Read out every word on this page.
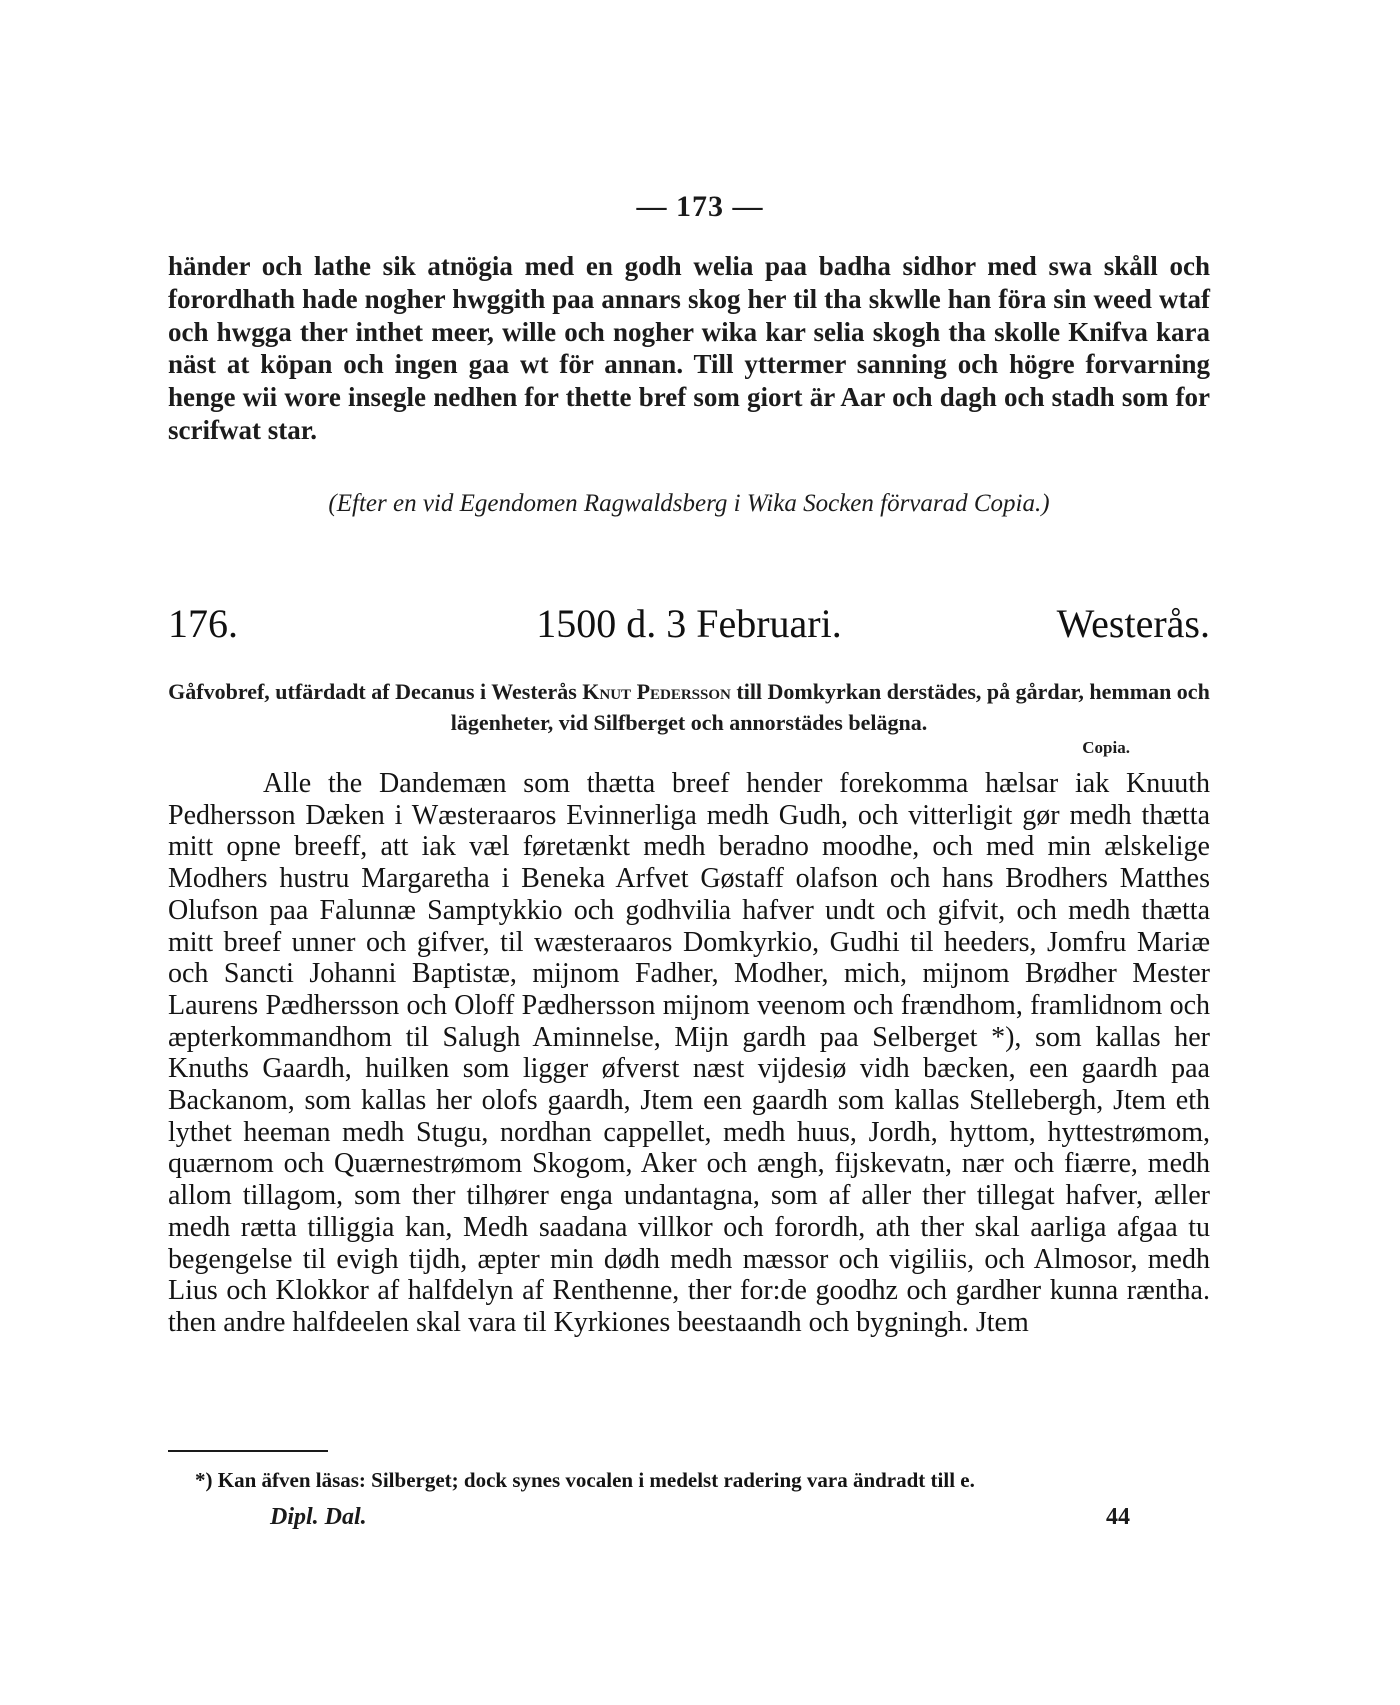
— 173 —

händer och lathe sik atnögia med en godh welia paa badha sidhor med swa skåll och forordhath hade nogher hwggith paa annars skog her til tha skwlle han föra sin weed wtaf och hwgga ther inthet meer, wille och nogher wika kar selia skogh tha skolle Knifva kara näst at köpan och ingen gaa wt för annan. Till yttermer sanning och högre forvarning henge wii wore insegle nedhen for thette bref som giort är Aar och dagh och stadh som for scrifwat star.

(Efter en vid Egendomen Ragwaldsberg i Wika Socken förvarad Copia.)
176.	1500 d. 3 Februari.	Westerås.
Gåfvobref, utfärdadt af Decanus i Westerås Knut Pedersson till Domkyrkan derstädes, på gårdar, hemman och lägenheter, vid Silfberget och annorstädes belägna.
Copia.

Alle the Dandemæn som thætta breef hender forekomma hælsar iak Knuuth Pedhersson Dæken i Wæsteraaros Evinnerliga medh Gudh, och vitterligit gør medh thætta mitt opne breeff, att iak væl føretænkt medh beradno moodhe, och med min ælskelige Modhers hustru Margaretha i Beneka Arfvet Gøstaff olafson och hans Brodhers Matthes Olufson paa Falunnæ Samptykkio och godhvilia hafver undt och gifvit, och medh thætta mitt breef unner och gifver, til wæsteraaros Domkyrkio, Gudhi til heeders, Jomfru Mariæ och Sancti Johanni Baptistæ, mijnom Fadher, Modher, mich, mijnom Brødher Mester Laurens Pædhersson och Oloff Pædhersson mijnom veenom och frændhom, framlidnom och æpterkommandhom til Salugh Aminnelse, Mijn gardh paa Selberget *), som kallas her Knuths Gaardh, huilken som ligger øfverst næst vijdesiø vidh bæcken, een gaardh paa Backanom, som kallas her olofs gaardh, Jtem een gaardh som kallas Stellebergh, Jtem eth lythet heeman medh Stugu, nordhan cappellet, medh huus, Jordh, hyttom, hyttestrømom, quærnom och Quærnestrømom Skogom, Aker och ængh, fijskevatn, nær och fiærre, medh allom tillagom, som ther tilhører enga undantagna, som af aller ther tillegat hafver, æller medh rætta tilliggia kan, Medh saadana villkor och forordh, ath ther skal aarliga afgaa tu begengelse til evigh tijdh, æpter min dødh medh mæssor och vigiliis, och Almosor, medh Lius och Klokkor af halfdelyn af Renthenne, ther for:de goodhz och gardher kunna ræntha. then andre halfdeelen skal vara til Kyrkiones beestaandh och bygningh. Jtem

*) Kan äfven läsas: Silberget; dock synes vocalen i medelst radering vara ändradt till e.
Dipl. Dal.	44
